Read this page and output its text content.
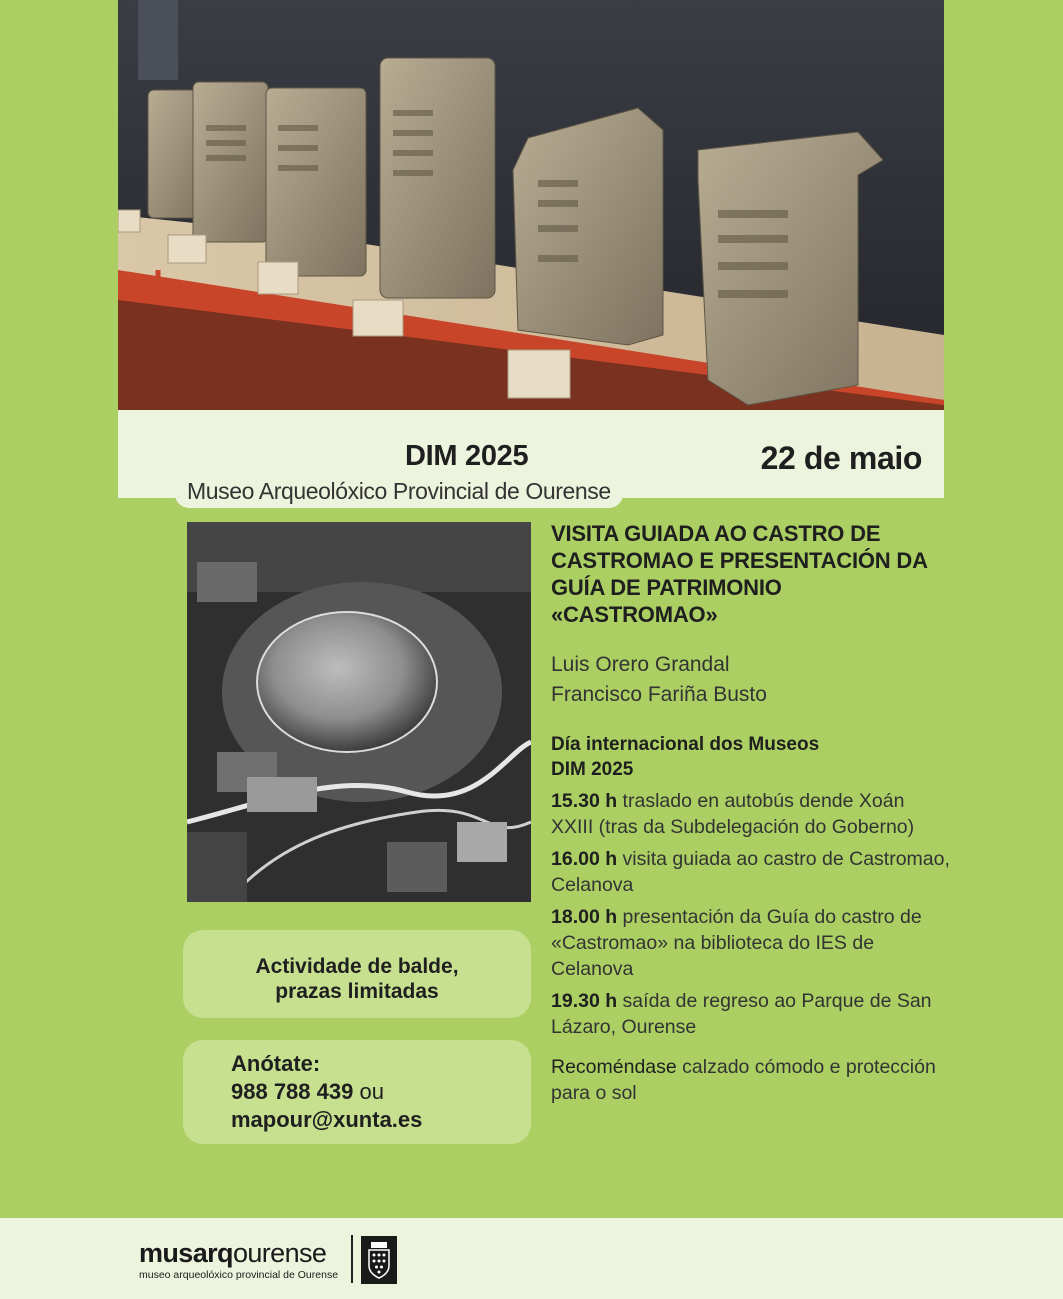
DIM 2025	22 de maio
Museo Arqueolóxico Provincial de Ourense
Actividade de balde,
prazas limitadas
Anótate:
988 788 439 ou
mapour@xunta.es
VISITA GUIADA AO CASTRO DE CASTROMAO E PRESENTACIÓN DA GUÍA DE PATRIMONIO «CASTROMAO»
Luis Orero Grandal
Francisco Fariña Busto
Día internacional dos Museos
DIM 2025
15.30 h traslado en autobús dende Xoán XXIII (tras da Subdelegación do Goberno)
16.00 h visita guiada ao castro de Castromao, Celanova
18.00 h presentación da Guía do castro de «Castromao» na biblioteca do IES de Celanova
19.30 h saída de regreso ao Parque de San Lázaro, Ourense
Recoméndase calzado cómodo e protección para o sol
musarqourense
museo arqueolóxico provincial de Ourense
